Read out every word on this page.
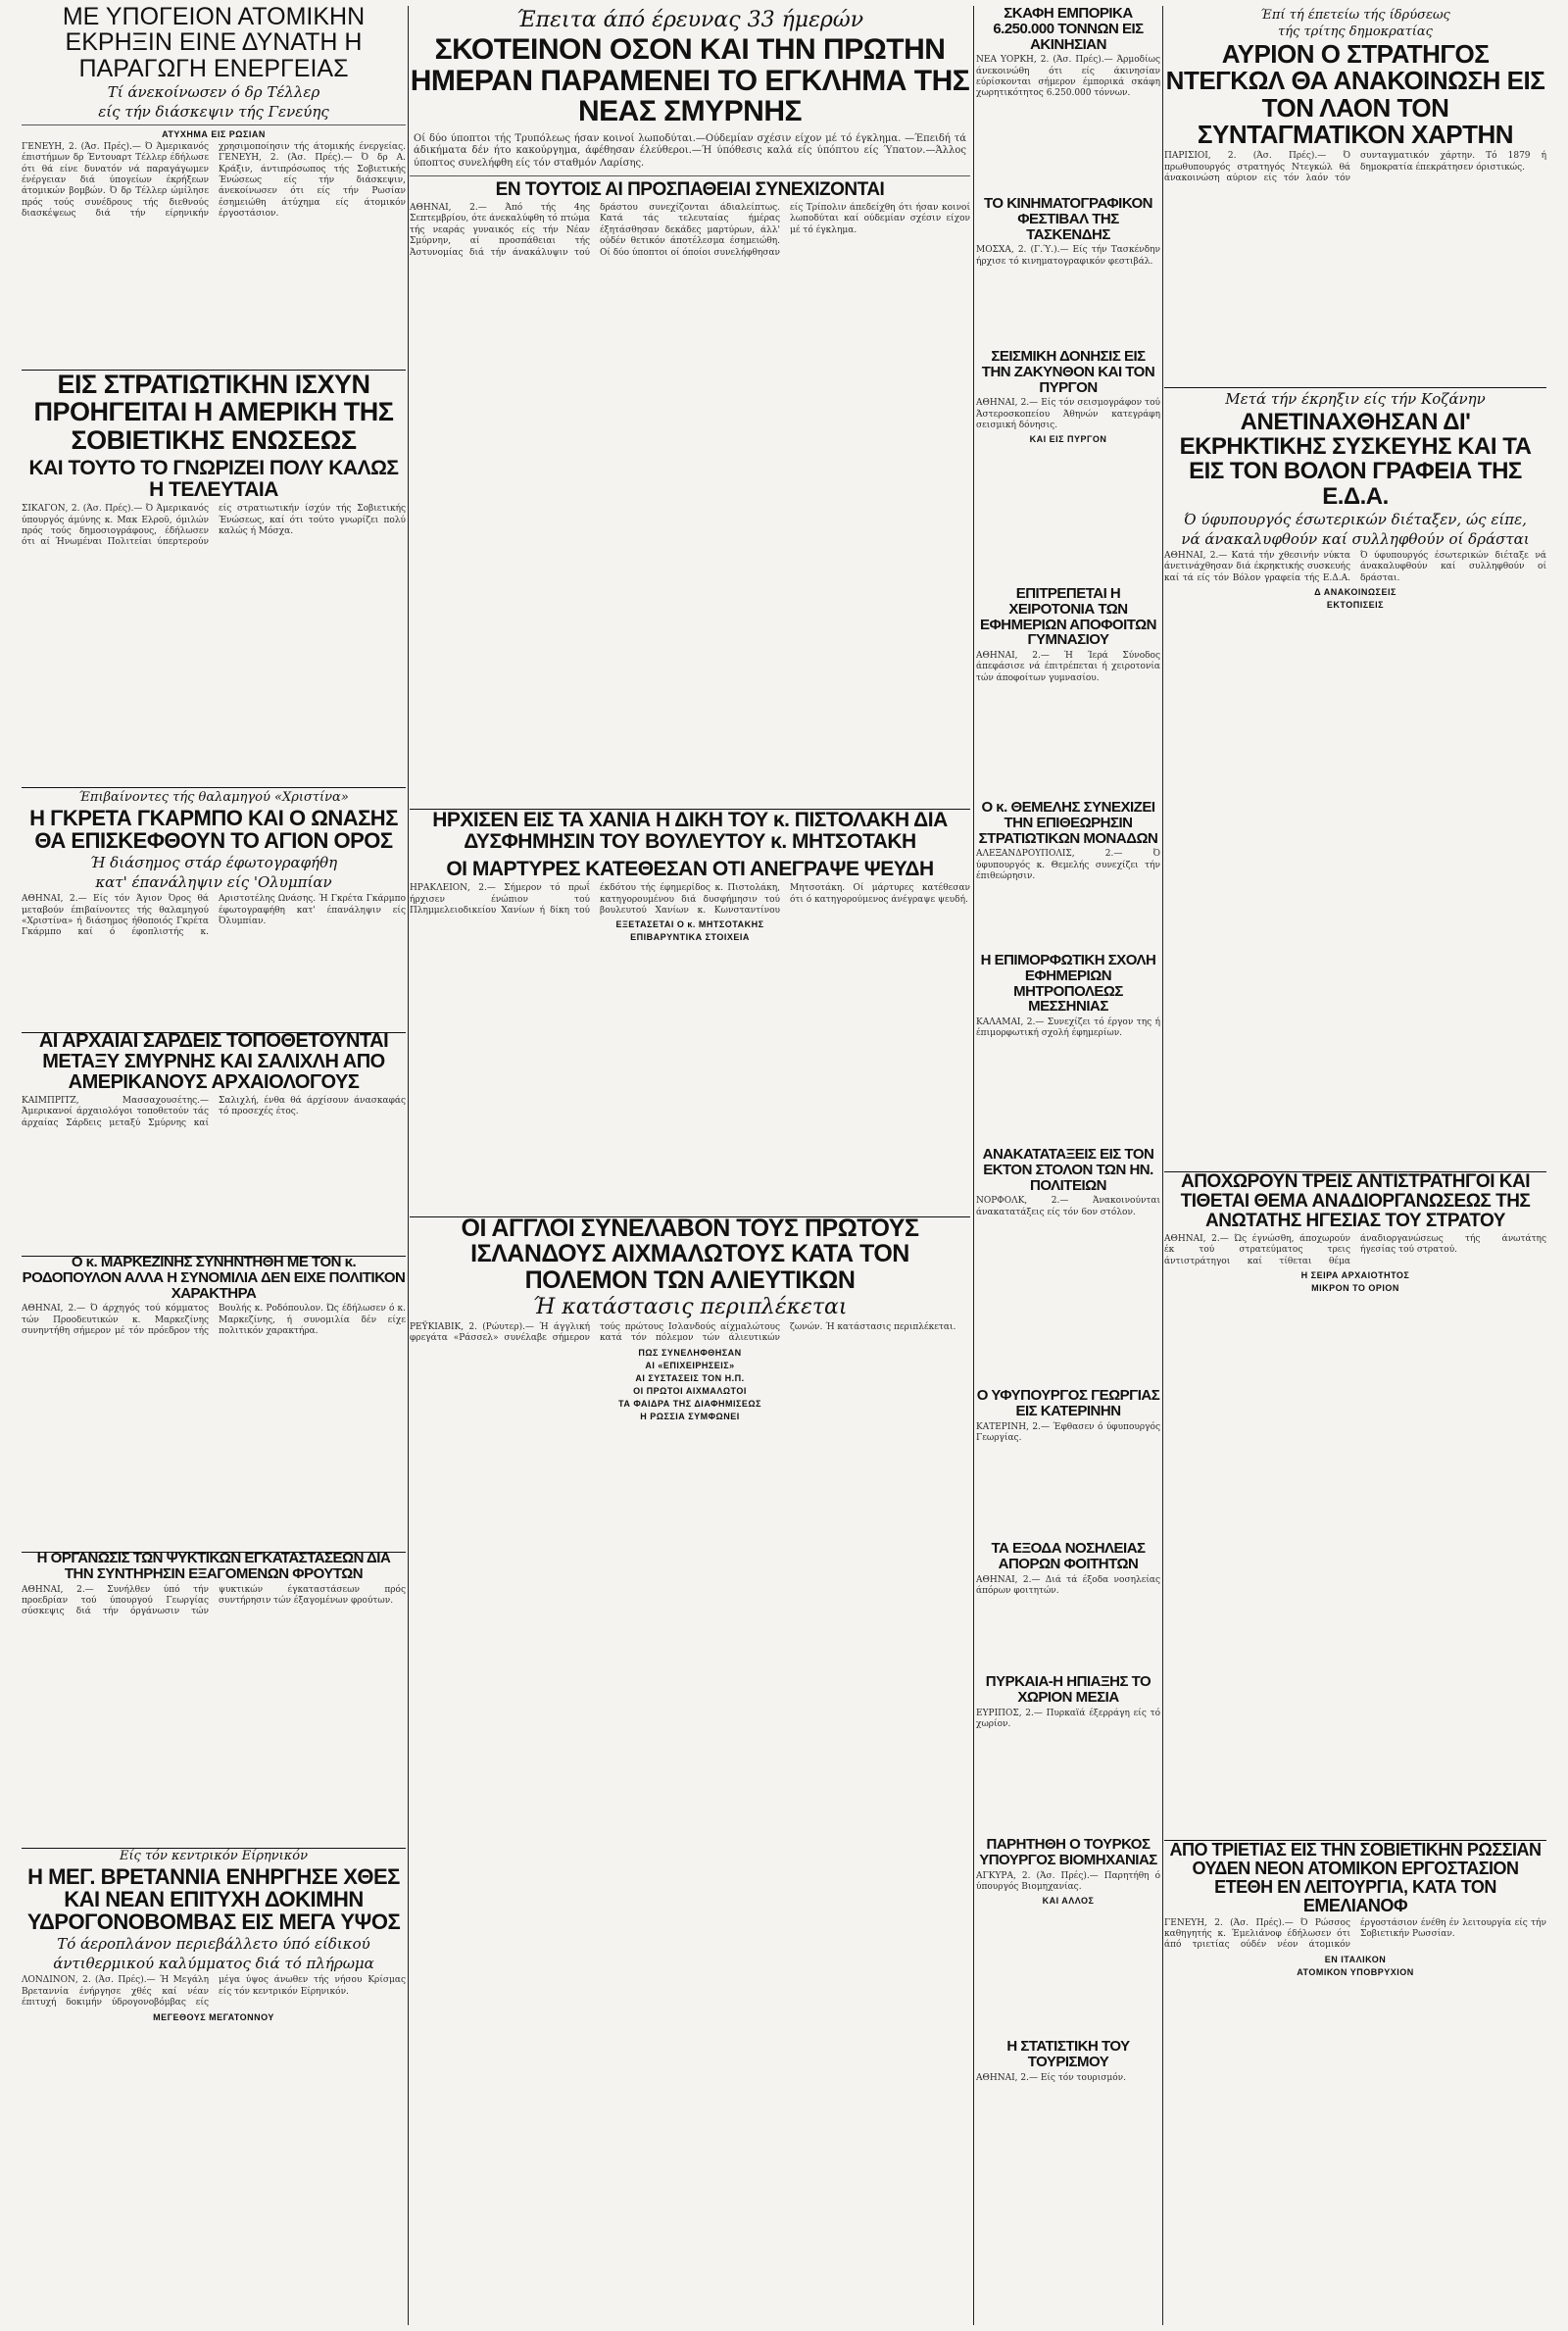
ΜΕ ΥΠΟΓΕΙΟΝ ΑΤΟΜΙΚΗΝ ΕΚΡΗΞΙΝ ΕΙΝΕ ΔΥΝΑΤΗ Η ΠΑΡΑΓΩΓΗ ΕΝΕΡΓΕΙΑΣ

Τί άνεκοίνωσεν ό δρ Τέλλερ

είς τήν διάσκεψιν τής Γενεύης

ΑΤΥΧΗΜΑ ΕΙΣ ΡΩΣΙΑΝ

ΓΕΝΕΥΗ, 2. (Άσ. Πρές).— Ό Άμερικανός έπιστήμων δρ Έντουαρτ Τέλλερ έδήλωσε ότι θά είνε δυνατόν νά παραγάγωμεν ένέργειαν διά ύπογείων έκρήξεων άτομικών βομβών. Ό δρ Τέλλερ ώμίλησε πρός τούς συνέδρους τής διεθνούς διασκέψεως διά τήν είρηνικήν χρησιμοποίησιν τής άτομικής ένεργείας. ΓΕΝΕΥΗ, 2. (Άσ. Πρές).— Ό δρ Α. Κράξιν, άντιπρόσωπος τής Σοβιετικής Ένώσεως είς τήν διάσκεψιν, άνεκοίνωσεν ότι είς τήν Ρωσίαν έσημειώθη άτύχημα είς άτομικόν έργοστάσιον.
ΕΙΣ ΣΤΡΑΤΙΩΤΙΚΗΝ ΙΣΧΥΝ ΠΡΟΗΓΕΙΤΑΙ Η ΑΜΕΡΙΚΗ ΤΗΣ ΣΟΒΙΕΤΙΚΗΣ ΕΝΩΣΕΩΣ

ΚΑΙ ΤΟΥΤΟ ΤΟ ΓΝΩΡΙΖΕΙ ΠΟΛΥ ΚΑΛΩΣ Η ΤΕΛΕΥΤΑΙΑ

ΣΙΚΑΓΟΝ, 2. (Άσ. Πρές).— Ό Άμερικανός ύπουργός άμύνης κ. Μακ Ελροϋ, όμιλών πρός τούς δημοσιογράφους, έδήλωσεν ότι αί Ήνωμέναι Πολιτείαι ύπερτερούν είς στρατιωτικήν ίσχύν τής Σοβιετικής Ένώσεως, καί ότι τούτο γνωρίζει πολύ καλώς ή Μόσχα.

Έπιβαίνοντες τής θαλαμηγού «Χριστίνα»

Η ΓΚΡΕΤΑ ΓΚΑΡΜΠΟ ΚΑΙ Ο ΩΝΑΣΗΣ ΘΑ ΕΠΙΣΚΕΦΘΟΥΝ ΤΟ ΑΓΙΟΝ ΟΡΟΣ

Ή διάσημος στάρ έφωτογραφήθη

κατ' έπανάληψιν είς 'Ολυμπίαν

ΑΘΗΝΑΙ, 2.— Είς τόν Άγιον Όρος θά μεταβούν έπιβαίνοντες τής θαλαμηγού «Χριστίνα» ή διάσημος ήθοποιός Γκρέτα Γκάρμπο καί ό έφοπλιστής κ. Αριστοτέλης Ωνάσης. Ή Γκρέτα Γκάρμπο έφωτογραφήθη κατ' έπανάληψιν είς Όλυμπίαν.
ΑΙ ΑΡΧΑΙΑΙ ΣΑΡΔΕΙΣ ΤΟΠΟΘΕΤΟΥΝΤΑΙ ΜΕΤΑΞΥ ΣΜΥΡΝΗΣ ΚΑΙ ΣΑΛΙΧΛΗ ΑΠΟ ΑΜΕΡΙΚΑΝΟΥΣ ΑΡΧΑΙΟΛΟΓΟΥΣ
ΚΑΙΜΠΡΙΤΖ, Μασσαχουσέτης.— Άμερικανοί άρχαιολόγοι τοποθετούν τάς άρχαίας Σάρδεις μεταξύ Σμύρνης καί Σαλιχλή, ένθα θά άρχίσουν άνασκαφάς τό προσεχές έτος.
Ο κ. ΜΑΡΚΕΖΙΝΗΣ ΣΥΝΗΝΤΗΘΗ ΜΕ ΤΟΝ κ. ΡΟΔΟΠΟΥΛΟΝ ΑΛΛΑ Η ΣΥΝΟΜΙΛΙΑ ΔΕΝ ΕΙΧΕ ΠΟΛΙΤΙΚΟΝ ΧΑΡΑΚΤΗΡΑ
ΑΘΗΝΑΙ, 2.— Ό άρχηγός τού κόμματος τών Προοδευτικών κ. Μαρκεζίνης συνηντήθη σήμερον μέ τόν πρόεδρον τής Βουλής κ. Ροδόπουλον. Ώς έδήλωσεν ό κ. Μαρκεζίνης, ή συνομιλία δέν είχε πολιτικόν χαρακτήρα.
Η ΟΡΓΑΝΩΣΙΣ ΤΩΝ ΨΥΚΤΙΚΩΝ ΕΓΚΑΤΑΣΤΑΣΕΩΝ ΔΙΑ ΤΗΝ ΣΥΝΤΗΡΗΣΙΝ ΕΞΑΓΟΜΕΝΩΝ ΦΡΟΥΤΩΝ
ΑΘΗΝΑΙ, 2.— Συνήλθεν ύπό τήν προεδρίαν τού ύπουργού Γεωργίας σύσκεψις διά τήν όργάνωσιν τών ψυκτικών έγκαταστάσεων πρός συντήρησιν τών έξαγομένων φρούτων.

Είς τόν κεντρικόν Είρηνικόν

Η ΜΕΓ. ΒΡΕΤΑΝΝΙΑ ΕΝΗΡΓΗΣΕ ΧΘΕΣ ΚΑΙ ΝΕΑΝ ΕΠΙΤΥΧΗ ΔΟΚΙΜΗΝ ΥΔΡΟΓΟΝΟΒΟΜΒΑΣ ΕΙΣ ΜΕΓΑ ΥΨΟΣ

Τό άεροπλάνον περιεβάλλετο ύπό είδικού

άντιθερμικού καλύμματος διά τό πλήρωμα

ΛΟΝΔΙΝΟΝ, 2. (Άσ. Πρές).— Ή Μεγάλη Βρεταννία ένήργησε χθές καί νέαν έπιτυχή δοκιμήν ύδρογονοβόμβας είς μέγα ύψος άνωθεν τής νήσου Κρίσμας είς τόν κεντρικόν Είρηνικόν.

ΜΕΓΕΘΟΥΣ ΜΕΓΑΤΟΝΝΟΥ

Έπειτα άπό έρευνας 33 ήμερών

ΣΚΟΤΕΙΝΟΝ ΟΣΟΝ ΚΑΙ ΤΗΝ ΠΡΩΤΗΝ ΗΜΕΡΑΝ ΠΑΡΑΜΕΝΕΙ ΤΟ ΕΓΚΛΗΜΑ ΤΗΣ ΝΕΑΣ ΣΜΥΡΝΗΣ
Οί δύο ύποπτοι τής Τρυπόλεως ήσαν κοινοί λωποδύται.—Ούδεμίαν σχέσιν είχον μέ τό έγκλημα. —Έπειδή τά άδικήματα δέν ήτο κακούργημα, άφέθησαν έλεύθεροι.—Ή ύπόθεσις καλά είς ύπόπτου είς Ύπατον.—Άλλος ύποπτος συνελήφθη είς τόν σταθμόν Λαρίσης.
ΕΝ ΤΟΥΤΟΙΣ ΑΙ ΠΡΟΣΠΑΘΕΙΑΙ ΣΥΝΕΧΙΖΟΝΤΑΙ
ΑΘΗΝΑΙ, 2.— Άπό τής 4ης Σεπτεμβρίου, ότε άνεκαλύφθη τό πτώμα τής νεαράς γυναικός είς τήν Νέαν Σμύρνην, αί προσπάθειαι τής Άστυνομίας διά τήν άνακάλυψιν τού δράστου συνεχίζονται άδιαλείπτως. Κατά τάς τελευταίας ήμέρας έξητάσθησαν δεκάδες μαρτύρων, άλλ' ούδέν θετικόν άποτέλεσμα έσημειώθη. Οί δύο ύποπτοι οί όποίοι συνελήφθησαν είς Τρίπολιν άπεδείχθη ότι ήσαν κοινοί λωποδύται καί ούδεμίαν σχέσιν είχον μέ τό έγκλημα.
ΗΡΧΙΣΕΝ ΕΙΣ ΤΑ ΧΑΝΙΑ Η ΔΙΚΗ ΤΟΥ κ. ΠΙΣΤΟΛΑΚΗ ΔΙΑ ΔΥΣΦΗΜΗΣΙΝ ΤΟΥ ΒΟΥΛΕΥΤΟΥ κ. ΜΗΤΣΟΤΑΚΗ
ΟΙ ΜΑΡΤΥΡΕΣ ΚΑΤΕΘΕΣΑΝ ΟΤΙ ΑΝΕΓΡΑΨΕ ΨΕΥΔΗ
ΗΡΑΚΛΕΙΟΝ, 2.— Σήμερον τό πρωΐ ήρχισεν ένώπιον τού Πλημμελειοδικείου Χανίων ή δίκη τού έκδότου τής έφημερίδος κ. Πιστολάκη, κατηγορουμένου διά δυσφήμησιν τού βουλευτού Χανίων κ. Κωνσταντίνου Μητσοτάκη. Οί μάρτυρες κατέθεσαν ότι ό κατηγορούμενος άνέγραψε ψευδή.

ΕΞΕΤΑΣΕΤΑΙ Ο κ. ΜΗΤΣΟΤΑΚΗΣ

ΕΠΙΒΑΡΥΝΤΙΚΑ ΣΤΟΙΧΕΙΑ

ΟΙ ΑΓΓΛΟΙ ΣΥΝΕΛΑΒΟΝ ΤΟΥΣ ΠΡΩΤΟΥΣ ΙΣΛΑΝΔΟΥΣ ΑΙΧΜΑΛΩΤΟΥΣ ΚΑΤΑ ΤΟΝ ΠΟΛΕΜΟΝ ΤΩΝ ΑΛΙΕΥΤΙΚΩΝ

Ή κατάστασις περιπλέκεται

ΡΕΫΚΙΑΒΙΚ, 2. (Ρώυτερ).— Ή άγγλική φρεγάτα «Ράσσελ» συνέλαβε σήμερον τούς πρώτους Ισλανδούς αίχμαλώτους κατά τόν πόλεμον τών άλιευτικών ζωνών. Ή κατάστασις περιπλέκεται.

ΠΩΣ ΣΥΝΕΛΗΦΘΗΣΑΝ

ΑΙ «ΕΠΙΧΕΙΡΗΣΕΙΣ»

ΑΙ ΣΥΣΤΑΣΕΙΣ ΤΟΝ Η.Π.

ΟΙ ΠΡΩΤΟΙ ΑΙΧΜΑΛΩΤΟΙ

ΤΑ ΦΑΙΔΡΑ ΤΗΣ ΔΙΑΦΗΜΙΣΕΩΣ

Η ΡΩΣΣΙΑ ΣΥΜΦΩΝΕΙ

ΣΚΑΦΗ ΕΜΠΟΡΙΚΑ 6.250.000 ΤΟΝΝΩΝ ΕΙΣ ΑΚΙΝΗΣΙΑΝ
ΝΕΑ ΥΟΡΚΗ, 2. (Άσ. Πρές).— Άρμοδίως άνεκοινώθη ότι είς άκινησίαν εύρίσκονται σήμερον έμπορικά σκάφη χωρητικότητος 6.250.000 τόννων.
ΤΟ ΚΙΝΗΜΑΤΟΓΡΑΦΙΚΟΝ ΦΕΣΤΙΒΑΛ ΤΗΣ ΤΑΣΚΕΝΔΗΣ
ΜΟΣΧΑ, 2. (Γ.Ύ.).— Είς τήν Τασκένδην ήρχισε τό κινηματογραφικόν φεστιβάλ.
ΣΕΙΣΜΙΚΗ ΔΟΝΗΣΙΣ ΕΙΣ ΤΗΝ ΖΑΚΥΝΘΟΝ ΚΑΙ ΤΟΝ ΠΥΡΓΟΝ
ΑΘΗΝΑΙ, 2.— Είς τόν σεισμογράφον τού Άστεροσκοπείου Άθηνών κατεγράφη σεισμική δόνησις.

ΚΑΙ ΕΙΣ ΠΥΡΓΟΝ

ΕΠΙΤΡΕΠΕΤΑΙ Η ΧΕΙΡΟΤΟΝΙΑ ΤΩΝ ΕΦΗΜΕΡΙΩΝ ΑΠΟΦΟΙΤΩΝ ΓΥΜΝΑΣΙΟΥ
ΑΘΗΝΑΙ, 2.— Ή Ίερά Σύνοδος άπεφάσισε νά έπιτρέπεται ή χειροτονία τών άποφοίτων γυμνασίου.
Ο κ. ΘΕΜΕΛΗΣ ΣΥΝΕΧΙΖΕΙ ΤΗΝ ΕΠΙΘΕΩΡΗΣΙΝ ΣΤΡΑΤΙΩΤΙΚΩΝ ΜΟΝΑΔΩΝ
ΑΛΕΞΑΝΔΡΟΥΠΟΛΙΣ, 2.— Ό ύφυπουργός κ. Θεμελής συνεχίζει τήν έπιθεώρησιν.
Η ΕΠΙΜΟΡΦΩΤΙΚΗ ΣΧΟΛΗ ΕΦΗΜΕΡΙΩΝ ΜΗΤΡΟΠΟΛΕΩΣ ΜΕΣΣΗΝΙΑΣ
ΚΑΛΑΜΑΙ, 2.— Συνεχίζει τό έργον της ή έπιμορφωτική σχολή έφημερίων.
ΑΝΑΚΑΤΑΤΑΞΕΙΣ ΕΙΣ ΤΟΝ ΕΚΤΟΝ ΣΤΟΛΟΝ ΤΩΝ ΗΝ. ΠΟΛΙΤΕΙΩΝ
ΝΟΡΦΟΛΚ, 2.— Άνακοινούνται άνακατατάξεις είς τόν 6ον στόλον.
Ο ΥΦΥΠΟΥΡΓΟΣ ΓΕΩΡΓΙΑΣ ΕΙΣ ΚΑΤΕΡΙΝΗΝ
ΚΑΤΕΡΙΝΗ, 2.— Έφθασεν ό ύφυπουργός Γεωργίας.
ΤΑ ΕΞΟΔΑ ΝΟΣΗΛΕΙΑΣ ΑΠΟΡΩΝ ΦΟΙΤΗΤΩΝ
ΑΘΗΝΑΙ, 2.— Διά τά έξοδα νοσηλείας άπόρων φοιτητών.
ΠΥΡΚΑΙΑ-Η ΗΠΙΑΞΗΣ ΤΟ ΧΩΡΙΟΝ ΜΕΣΙΑ
ΕΥΡΙΠΟΣ, 2.— Πυρκαϊά έξερράγη είς τό χωρίον.
ΠΑΡΗΤΗΘΗ Ο ΤΟΥΡΚΟΣ ΥΠΟΥΡΓΟΣ ΒΙΟΜΗΧΑΝΙΑΣ
ΑΓΚΥΡΑ, 2. (Άσ. Πρές).— Παρητήθη ό ύπουργός Βιομηχανίας.

ΚΑΙ ΑΛΛΟΣ

Η ΣΤΑΤΙΣΤΙΚΗ ΤΟΥ ΤΟΥΡΙΣΜΟΥ
ΑΘΗΝΑΙ, 2.— Είς τόν τουρισμόν.

Έπί τή έπετείω τής ίδρύσεως

τής τρίτης δημοκρατίας

ΑΥΡΙΟΝ Ο ΣΤΡΑΤΗΓΟΣ ΝΤΕΓΚΩΛ ΘΑ ΑΝΑΚΟΙΝΩΣΗ ΕΙΣ ΤΟΝ ΛΑΟΝ ΤΟΝ ΣΥΝΤΑΓΜΑΤΙΚΟΝ ΧΑΡΤΗΝ
ΠΑΡΙΣΙΟΙ, 2. (Άσ. Πρές).— Ό πρωθυπουργός στρατηγός Ντεγκώλ θά άνακοινώση αύριον είς τόν λαόν τόν συνταγματικόν χάρτην. Τό 1879 ή δημοκρατία έπεκράτησεν όριστικώς.

Μετά τήν έκρηξιν είς τήν Κοζάνην

ΑΝΕΤΙΝΑΧΘΗΣΑΝ ΔΙ' ΕΚΡΗΚΤΙΚΗΣ ΣΥΣΚΕΥΗΣ ΚΑΙ ΤΑ ΕΙΣ ΤΟΝ ΒΟΛΟΝ ΓΡΑΦΕΙΑ ΤΗΣ Ε.Δ.Α.

Ό ύφυπουργός έσωτερικών διέταξεν, ώς είπε,

νά άνακαλυφθούν καί συλληφθούν οί δράσται

ΑΘΗΝΑΙ, 2.— Κατά τήν χθεσινήν νύκτα άνετινάχθησαν διά έκρηκτικής συσκευής καί τά είς τόν Βόλον γραφεία τής Ε.Δ.Α. Ό ύφυπουργός έσωτερικών διέταξε νά άνακαλυφθούν καί συλληφθούν οί δράσται.

Δ ΑΝΑΚΟΙΝΩΣΕΙΣ

ΕΚΤΟΠΙΣΕΙΣ

ΑΠΟΧΩΡΟΥΝ ΤΡΕΙΣ ΑΝΤΙΣΤΡΑΤΗΓΟΙ ΚΑΙ ΤΙΘΕΤΑΙ ΘΕΜΑ ΑΝΑΔΙΟΡΓΑΝΩΣΕΩΣ ΤΗΣ ΑΝΩΤΑΤΗΣ ΗΓΕΣΙΑΣ ΤΟΥ ΣΤΡΑΤΟΥ
ΑΘΗΝΑΙ, 2.— Ώς έγνώσθη, άποχωρούν έκ τού στρατεύματος τρεις άντιστράτηγοι καί τίθεται θέμα άναδιοργανώσεως τής άνωτάτης ήγεσίας τού στρατού.

Η ΣΕΙΡΑ ΑΡΧΑΙΟΤΗΤΟΣ

ΜΙΚΡΟΝ ΤΟ ΟΡΙΟΝ

ΑΠΟ ΤΡΙΕΤΙΑΣ ΕΙΣ ΤΗΝ ΣΟΒΙΕΤΙΚΗΝ ΡΩΣΣΙΑΝ ΟΥΔΕΝ ΝΕΟΝ ΑΤΟΜΙΚΟΝ ΕΡΓΟΣΤΑΣΙΟΝ ΕΤΕΘΗ ΕΝ ΛΕΙΤΟΥΡΓΙΑ, ΚΑΤΑ ΤΟΝ ΕΜΕΛΙΑΝΟΦ
ΓΕΝΕΥΗ, 2. (Άσ. Πρές).— Ό Ρώσσος καθηγητής κ. Έμελιάνοφ έδήλωσεν ότι άπό τριετίας ούδέν νέον άτομικόν έργοστάσιον ένέθη έν λειτουργία είς τήν Σοβιετικήν Ρωσσίαν.

ΕΝ ΙΤΑΛΙΚΟΝ

ΑΤΟΜΙΚΟΝ ΥΠΟΒΡΥΧΙΟΝ
